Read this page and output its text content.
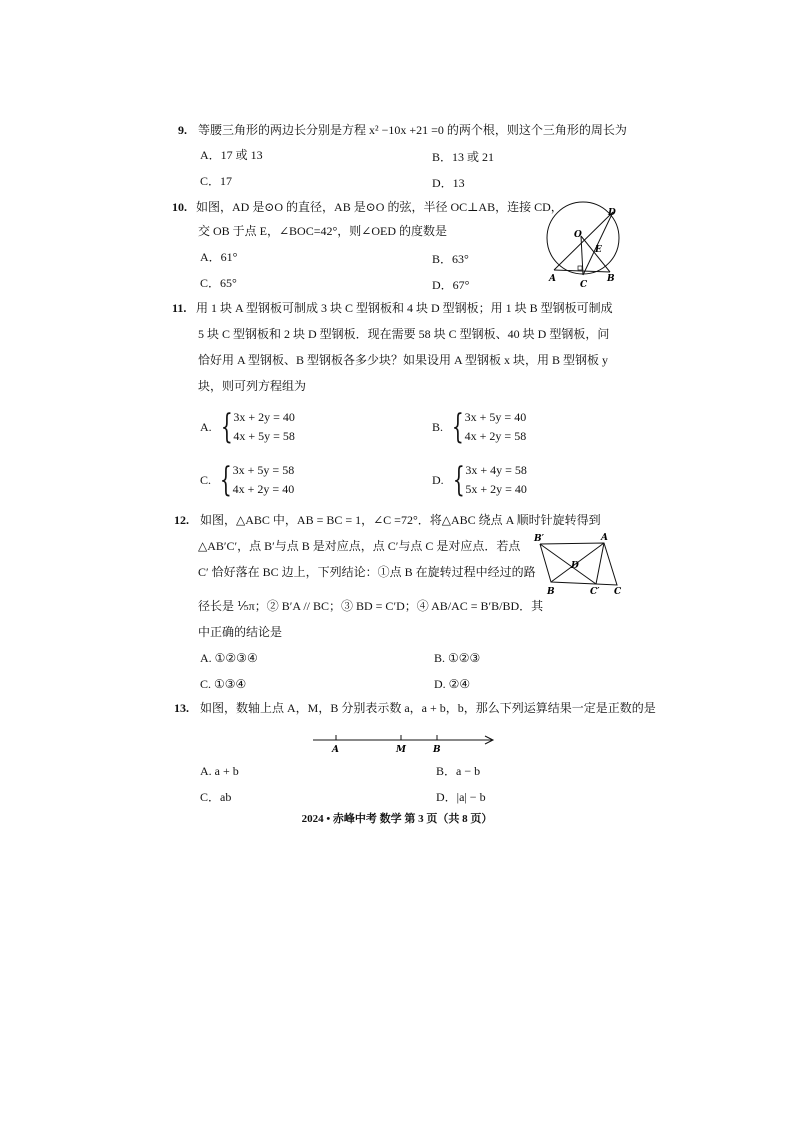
9. 等腰三角形的两边长分别是方程 x² −10x +21 =0 的两个根，则这个三角形的周长为
A．17 或 13	B．13 或 21
C．17	D．13
10. 如图，AD 是⊙O 的直径，AB 是⊙O 的弦，半径 OC⊥AB，连接 CD，
交 OB 于点 E，∠BOC=42°，则∠OED 的度数是
A．61°	B．63°
C．65°	D．67°
D
O
E
A	B
C
11. 用 1 块 A 型钢板可制成 3 块 C 型钢板和 4 块 D 型钢板；用 1 块 B 型钢板可制成
5 块 C 型钢板和 2 块 D 型钢板．现在需要 58 块 C 型钢板、40 块 D 型钢板，问
恰好用 A 型钢板、B 型钢板各多少块？如果设用 A 型钢板 x 块，用 B 型钢板 y
块，则可列方程组为
A. { 3x + 2y = 40
4x + 5y = 58
B. { 3x + 5y = 40
4x + 2y = 58
C. { 3x + 5y = 58
4x + 2y = 40
D. { 3x + 4y = 58
5x + 2y = 40
12. 如图，△ABC 中，AB = BC = 1，∠C =72°．将△ABC 绕点 A 顺时针旋转得到
△AB′C′，点 B′与点 B 是对应点，点 C′与点 C 是对应点．若点
C′ 恰好落在 BC 边上，下列结论：①点 B 在旋转过程中经过的路
径长是 ⅕π；② B′A // BC；③ BD = C′D；④ AB/AC = B′B/BD．其
中正确的结论是
A. ①②③④	B. ①②③
C. ①③④	D. ②④
B′	A
D
B	C′ C
13. 如图，数轴上点 A，M，B 分别表示数 a，a + b，b，那么下列运算结果一定是正数的是
A	M	B
A. a + b	B．a − b
C．ab	D．|a| − b
2024 • 赤峰中考 数学 第 3 页（共 8 页）
